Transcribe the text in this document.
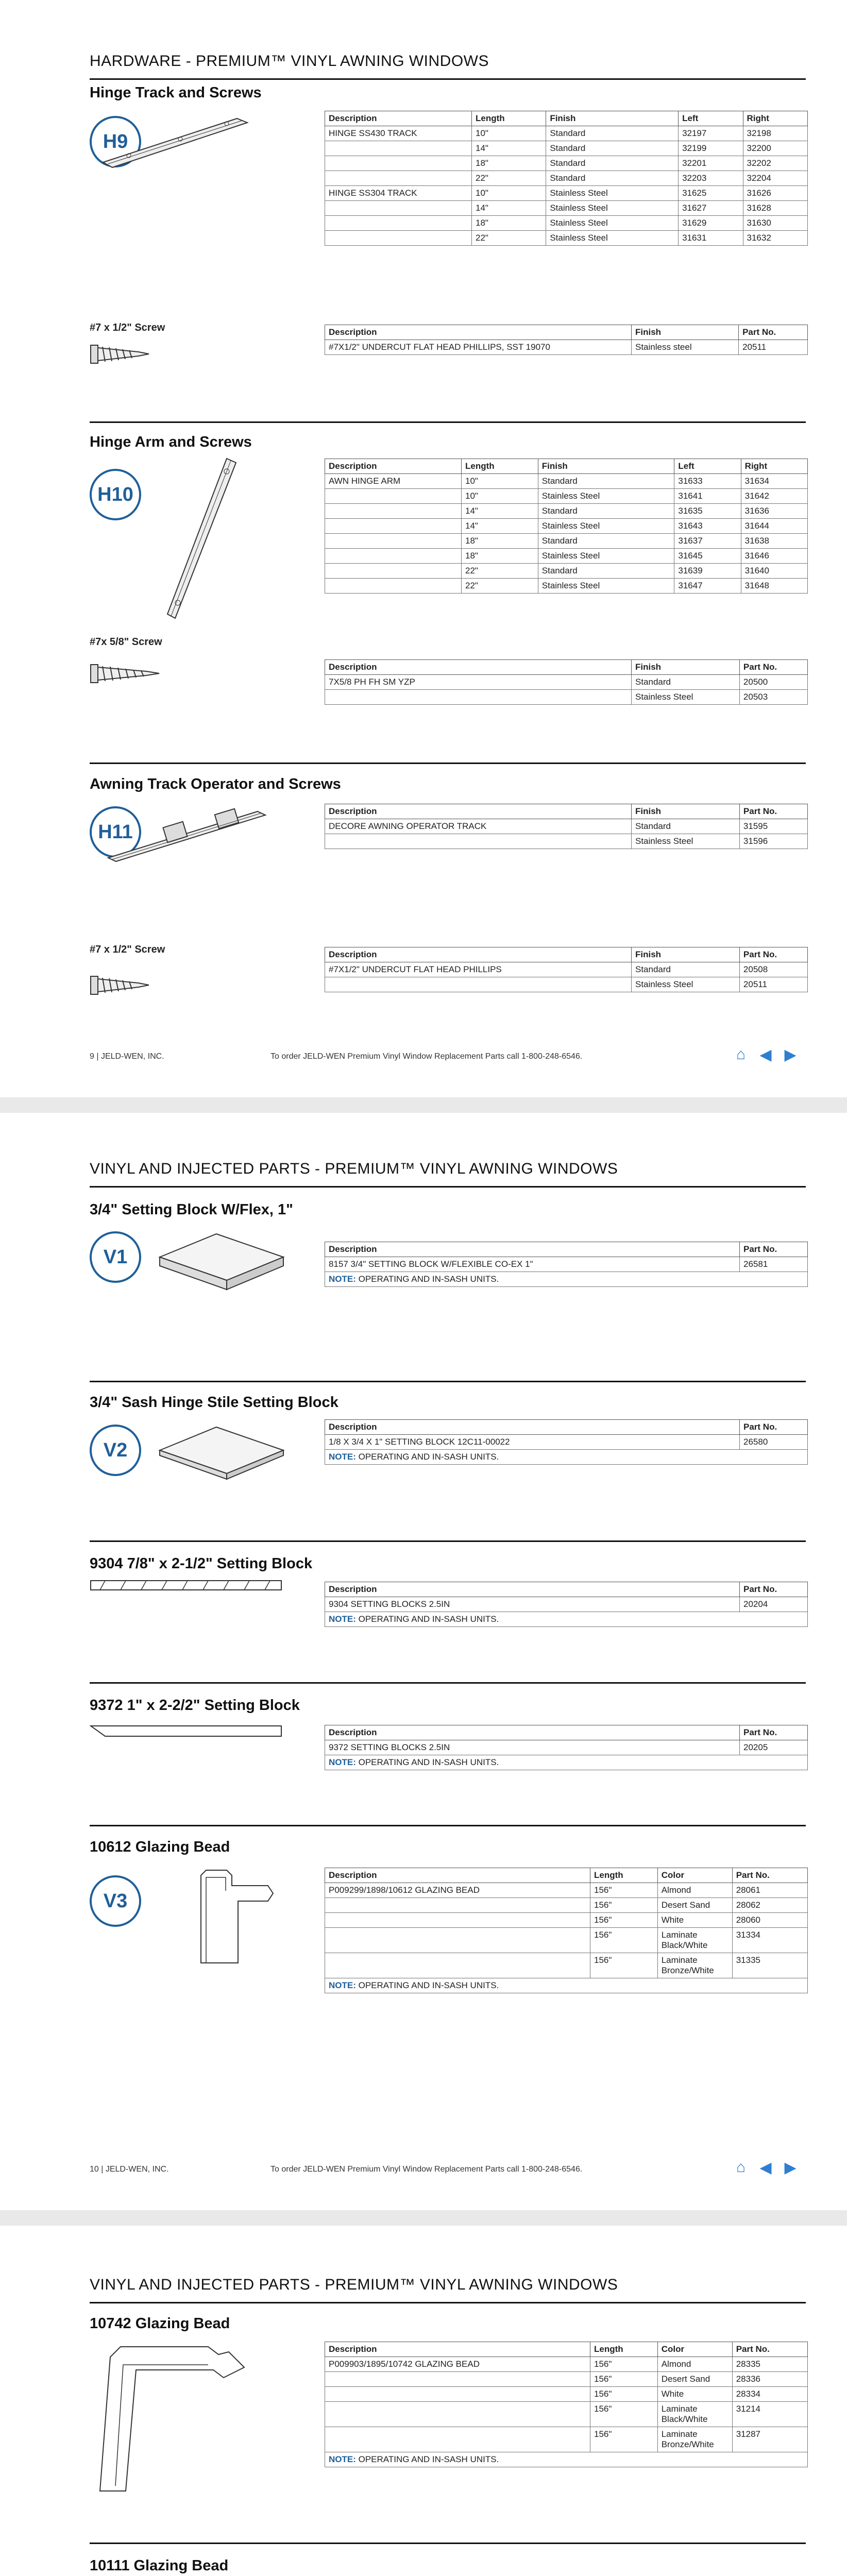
HARDWARE - PREMIUM™ VINYL AWNING WINDOWS
Hinge Track and Screws
H9
Description	Length	Finish	Left	Right
HINGE SS430 TRACK	10"	Standard	32197	32198
	14"	Standard	32199	32200
	18"	Standard	32201	32202
	22"	Standard	32203	32204
HINGE SS304 TRACK	10"	Stainless Steel	31625	31626
	14"	Stainless Steel	31627	31628
	18"	Stainless Steel	31629	31630
	22"	Stainless Steel	31631	31632
#7 x 1/2" Screw	Description	Finish	Part No.
#7X1/2" UNDERCUT FLAT HEAD PHILLIPS, SST 19070	Stainless steel	20511
Hinge Arm and Screws
H10
Description	Length	Finish	Left	Right
AWN HINGE ARM	10"	Standard	31633	31634
	10"	Stainless Steel	31641	31642
	14"	Standard	31635	31636
	14"	Stainless Steel	31643	31644
	18"	Standard	31637	31638
	18"	Stainless Steel	31645	31646
	22"	Standard	31639	31640
	22"	Stainless Steel	31647	31648
#7x 5/8" Screw
Description	Finish	Part No.
7X5/8 PH FH SM YZP	Standard	20500
	Stainless Steel	20503
Awning Track Operator and Screws
H11
Description	Finish	Part No.
DECORE AWNING OPERATOR TRACK	Standard	31595
	Stainless Steel	31596
#7 x 1/2" Screw	Description	Finish	Part No.
#7X1/2" UNDERCUT FLAT HEAD PHILLIPS	Standard	20508
	Stainless Steel	20511
9 | JELD-WEN, INC.	To order JELD-WEN Premium Vinyl Window Replacement Parts call 1-800-248-6546.	⌂ ◀ ▶
VINYL AND INJECTED PARTS - PREMIUM™ VINYL AWNING WINDOWS
3/4" Setting Block W/Flex, 1"
V1	Description	Part No.
8157 3/4" SETTING BLOCK W/FLEXIBLE CO-EX 1"	26581
NOTE: OPERATING AND IN-SASH UNITS.	
3/4" Sash Hinge Stile Setting Block
V2
Description	Part No.
1/8 X 3/4 X 1" SETTING BLOCK 12C11-00022	26580
NOTE: OPERATING AND IN-SASH UNITS.	
9304 7/8" x 2-1/2" Setting Block
Description	Part No.
9304 SETTING BLOCKS 2.5IN	20204
NOTE: OPERATING AND IN-SASH UNITS.	
9372 1" x 2-2/2" Setting Block
Description	Part No.
9372 SETTING BLOCKS 2.5IN	20205
NOTE: OPERATING AND IN-SASH UNITS.	
10612 Glazing Bead
V3
Description	Length	Color	Part No.
P009299/1898/10612 GLAZING BEAD	156"	Almond	28061
	156"	Desert Sand	28062
	156"	White	28060
	156"	Laminate Black/White	31334
	156"	Laminate Bronze/White	31335
NOTE: OPERATING AND IN-SASH UNITS.			
10 | JELD-WEN, INC.	To order JELD-WEN Premium Vinyl Window Replacement Parts call 1-800-248-6546.	⌂ ◀ ▶
VINYL AND INJECTED PARTS - PREMIUM™ VINYL AWNING WINDOWS
10742 Glazing Bead
Description	Length	Color	Part No.
P009903/1895/10742 GLAZING BEAD	156"	Almond	28335
	156"	Desert Sand	28336
	156"	White	28334
	156"	Laminate Black/White	31214
	156"	Laminate Bronze/White	31287
NOTE: OPERATING AND IN-SASH UNITS.			
10111 Glazing Bead
